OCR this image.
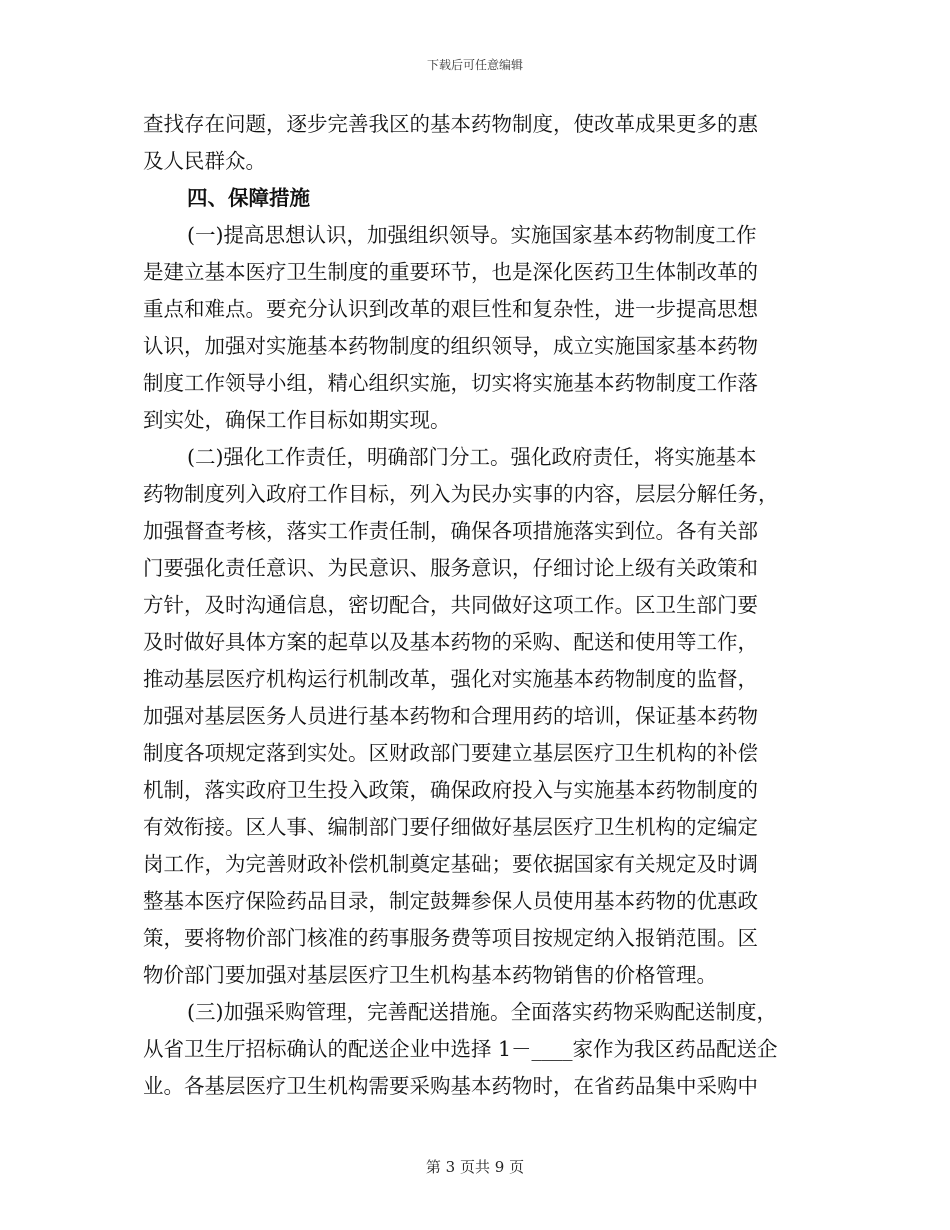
下载后可任意编辑
查找存在问题，逐步完善我区的基本药物制度，使改革成果更多的惠
及人民群众。
四、保障措施
(一)提高思想认识，加强组织领导。实施国家基本药物制度工作
是建立基本医疗卫生制度的重要环节，也是深化医药卫生体制改革的
重点和难点。要充分认识到改革的艰巨性和复杂性，进一步提高思想
认识，加强对实施基本药物制度的组织领导，成立实施国家基本药物
制度工作领导小组，精心组织实施，切实将实施基本药物制度工作落
到实处，确保工作目标如期实现。
(二)强化工作责任，明确部门分工。强化政府责任，将实施基本
药物制度列入政府工作目标，列入为民办实事的内容，层层分解任务，
加强督查考核，落实工作责任制，确保各项措施落实到位。各有关部
门要强化责任意识、为民意识、服务意识，仔细讨论上级有关政策和
方针，及时沟通信息，密切配合，共同做好这项工作。区卫生部门要
及时做好具体方案的起草以及基本药物的采购、配送和使用等工作，
推动基层医疗机构运行机制改革，强化对实施基本药物制度的监督，
加强对基层医务人员进行基本药物和合理用药的培训，保证基本药物
制度各项规定落到实处。区财政部门要建立基层医疗卫生机构的补偿
机制，落实政府卫生投入政策，确保政府投入与实施基本药物制度的
有效衔接。区人事、编制部门要仔细做好基层医疗卫生机构的定编定
岗工作，为完善财政补偿机制奠定基础；要依据国家有关规定及时调
整基本医疗保险药品目录，制定鼓舞参保人员使用基本药物的优惠政
策，要将物价部门核准的药事服务费等项目按规定纳入报销范围。区
物价部门要加强对基层医疗卫生机构基本药物销售的价格管理。
(三)加强采购管理，完善配送措施。全面落实药物采购配送制度，
从省卫生厅招标确认的配送企业中选择 1－____家作为我区药品配送企
业。各基层医疗卫生机构需要采购基本药物时，在省药品集中采购中
第 3 页共 9 页
